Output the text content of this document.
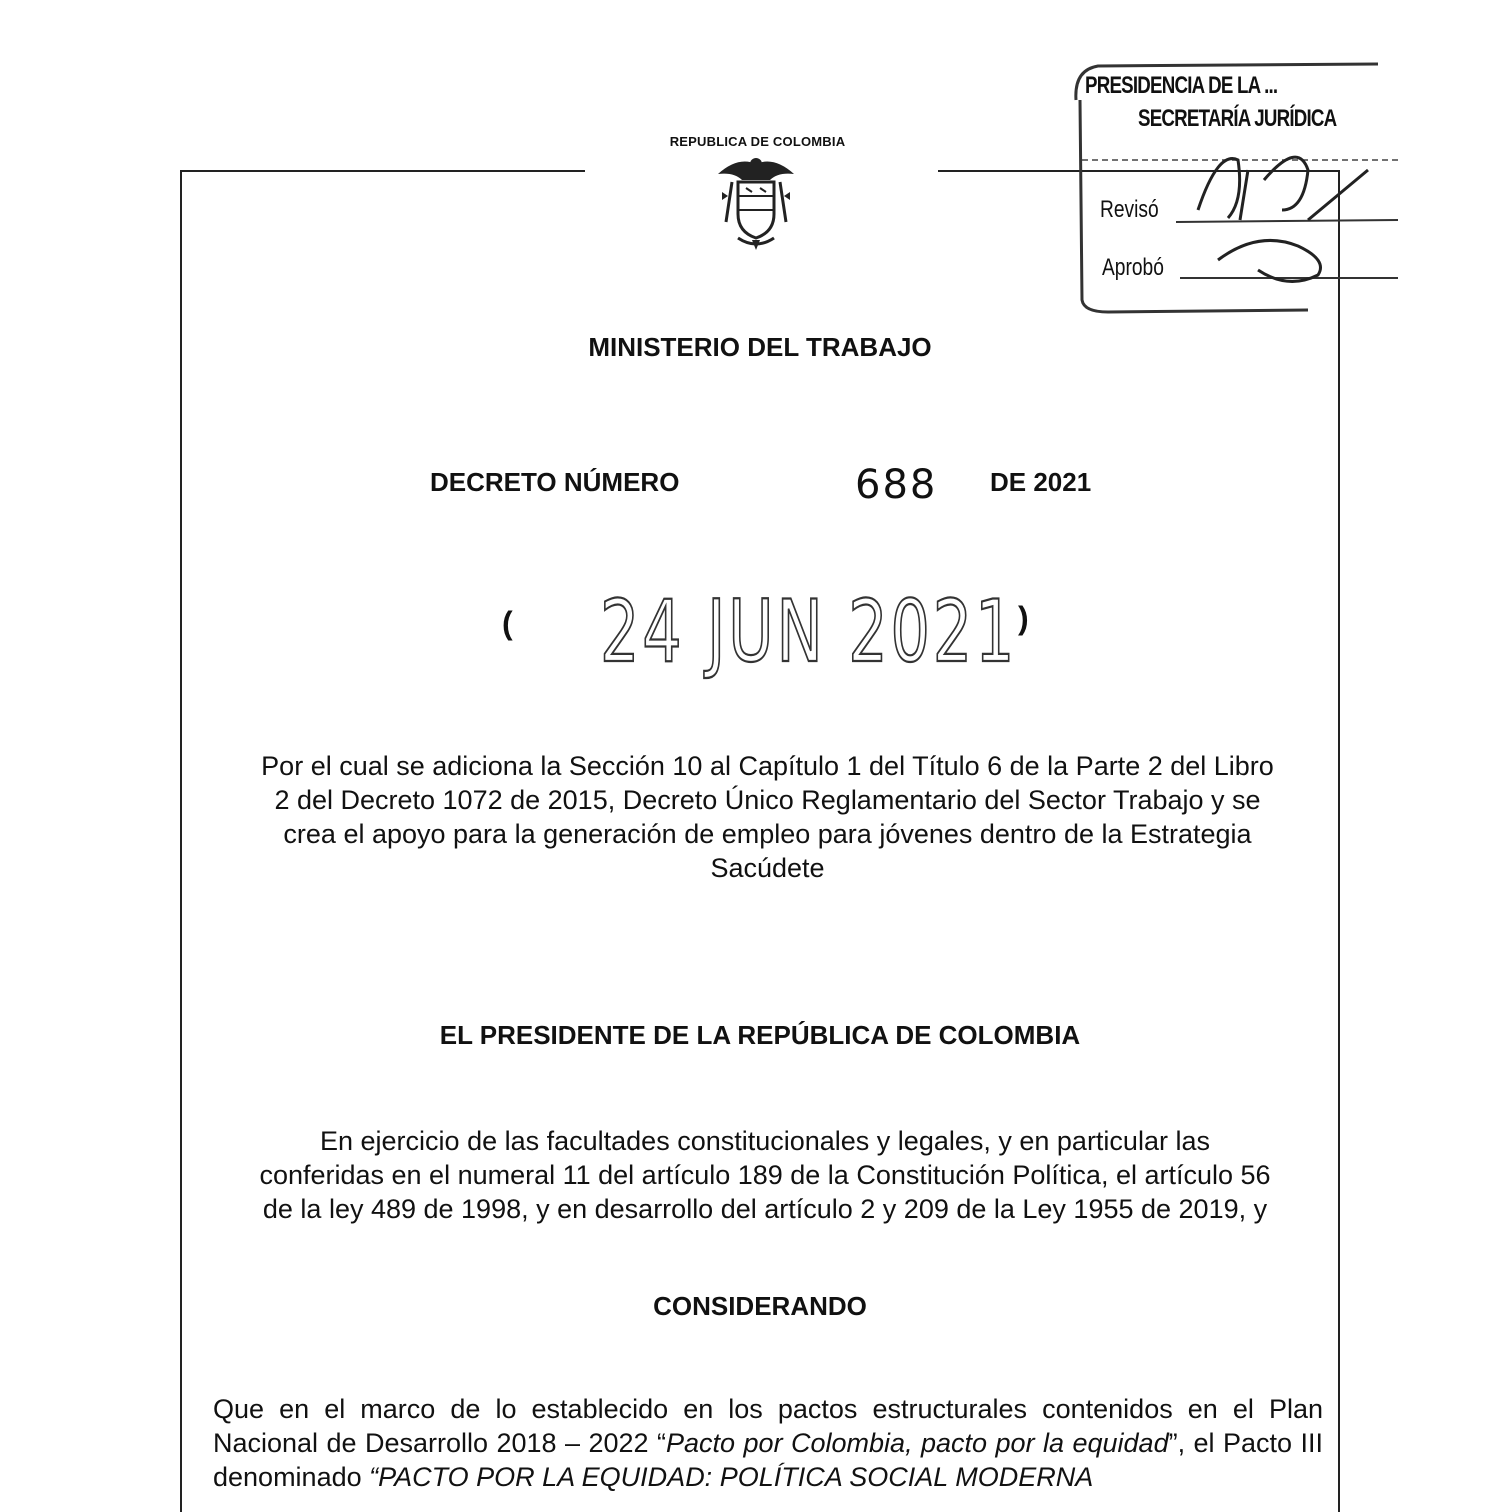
REPUBLICA DE COLOMBIA
PRESIDENCIA DE LA ...
SECRETARÍA JURÍDICA
Revisó
Aprobó
MINISTERIO DEL TRABAJO
DECRETO NÚMERO	688 DE 2021
( 24 JUN 2021 )
Por el cual se adiciona la Sección 10 al Capítulo 1 del Título 6 de la Parte 2 del Libro
2 del Decreto 1072 de 2015, Decreto Único Reglamentario del Sector Trabajo y se
crea el apoyo para la generación de empleo para jóvenes dentro de la Estrategia
Sacúdete
EL PRESIDENTE DE LA REPÚBLICA DE COLOMBIA
En ejercicio de las facultades constitucionales y legales, y en particular las
conferidas en el numeral 11 del artículo 189 de la Constitución Política, el artículo 56
de la ley 489 de 1998, y en desarrollo del artículo 2 y 209 de la Ley 1955 de 2019, y
CONSIDERANDO
Que en el marco de lo establecido en los pactos estructurales contenidos en el Plan Nacional de Desarrollo 2018 – 2022 “Pacto por Colombia, pacto por la equidad”, el Pacto III denominado “PACTO POR LA EQUIDAD: POLÍTICA SOCIAL MODERNA
